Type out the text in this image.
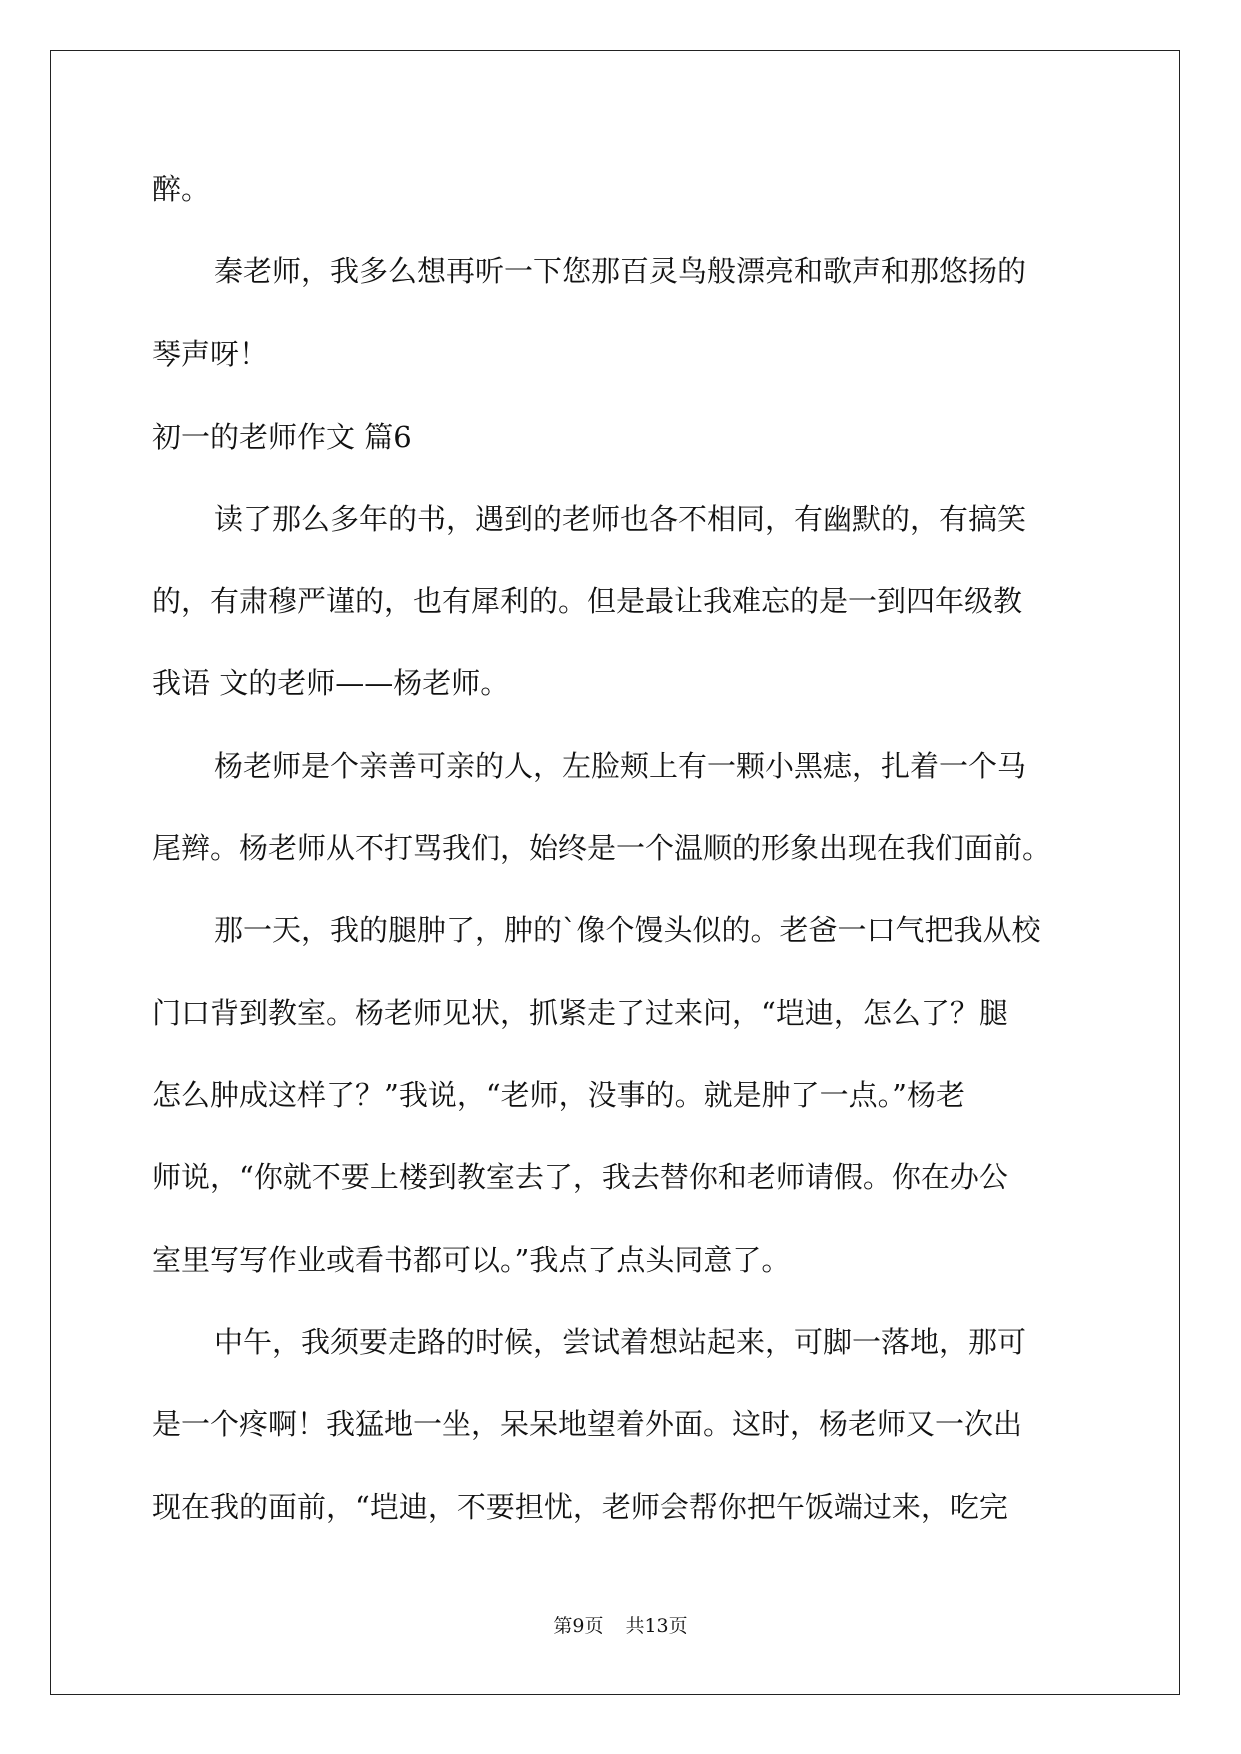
醉。
秦老师，我多么想再听一下您那百灵鸟般漂亮和歌声和那悠扬的
琴声呀！
初一的老师作文 篇6
读了那么多年的书，遇到的老师也各不相同，有幽默的，有搞笑
的，有肃穆严谨的，也有犀利的。但是最让我难忘的是一到四年级教
我语 文的老师——杨老师。
杨老师是个亲善可亲的人，左脸颊上有一颗小黑痣，扎着一个马
尾辫。杨老师从不打骂我们，始终是一个温顺的形象出现在我们面前。
那一天，我的腿肿了，肿的`像个馒头似的。老爸一口气把我从校
门口背到教室。杨老师见状，抓紧走了过来问，“垲迪，怎么了？腿
怎么肿成这样了？”我说，“老师，没事的。就是肿了一点。”杨老
师说，“你就不要上楼到教室去了，我去替你和老师请假。你在办公
室里写写作业或看书都可以。”我点了点头同意了。
中午，我须要走路的时候，尝试着想站起来，可脚一落地，那可
是一个疼啊！我猛地一坐，呆呆地望着外面。这时，杨老师又一次出
现在我的面前，“垲迪，不要担忧，老师会帮你把午饭端过来，吃完
第9页 共13页
